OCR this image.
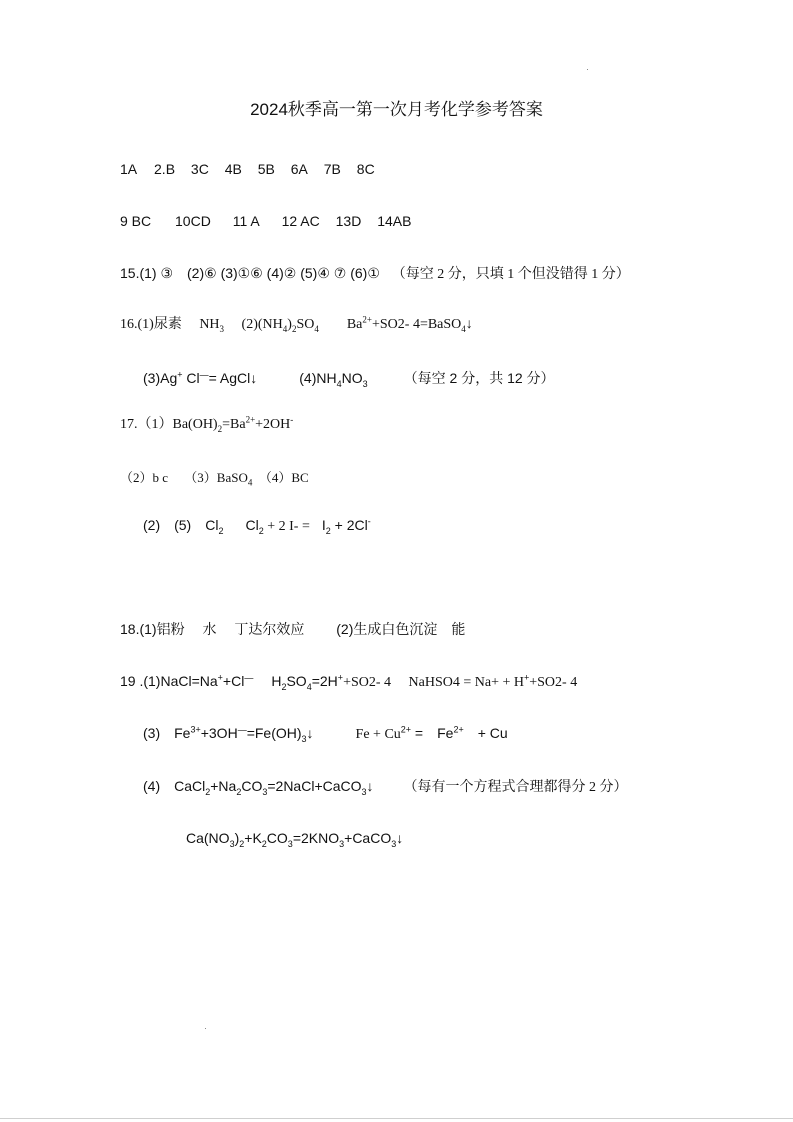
2024秋季高一第一次月考化学参考答案
1A 2.B 3C 4B 5B 6A 7B 8C
9 BC 10CD 11 A 12 AC 13D 14AB
15.(1) ③　(2)⑥ (3)①⑥ (4)② (5)④ ⑦ (6)① （每空 2 分，只填 1 个但没错得 1 分）
16.(1)尿素　 $NH_3$　 $(2)(NH_4)_2SO_4$　　$Ba^{2+}+SO2-$ 4=BaSO$_4$↓
(3)Ag+ Cl—= AgCl↓	$(4)NH_4NO_3$	（每空 2 分，共 12 分）
$17.(1)Ba(OH)_2=Ba^{2+}+2OH^-$
（2）b c　 （3）BaSO$_4$　（4）BC
(2)　(5)　$Cl_2$ $Cl_2 + 2$ $I- = I_2 + 2Cl^-$
18.(1)铝粉　 水　 丁达尔效应　　 (2)生成白色沉淀　能
19 .(1)NaCl=Na++Cl— $H_2SO_4=2H^++SO2-$ 4　 NaHSO4 = Na+ + H++SO2- 4
(3)　$Fe^{3+}+3OH^—=Fe(OH)_3↓$	$Fe + Cu^{2+}$ =　$Fe^{2+}$　+ Cu
(4)　$CaCl_2+Na_2CO_3=2NaCl+CaCO_3↓$ （每有一个方程式合理都得分 2 分）
$Ca(NO_3)_2+K_2CO_3=2KNO_3+CaCO_3↓$
